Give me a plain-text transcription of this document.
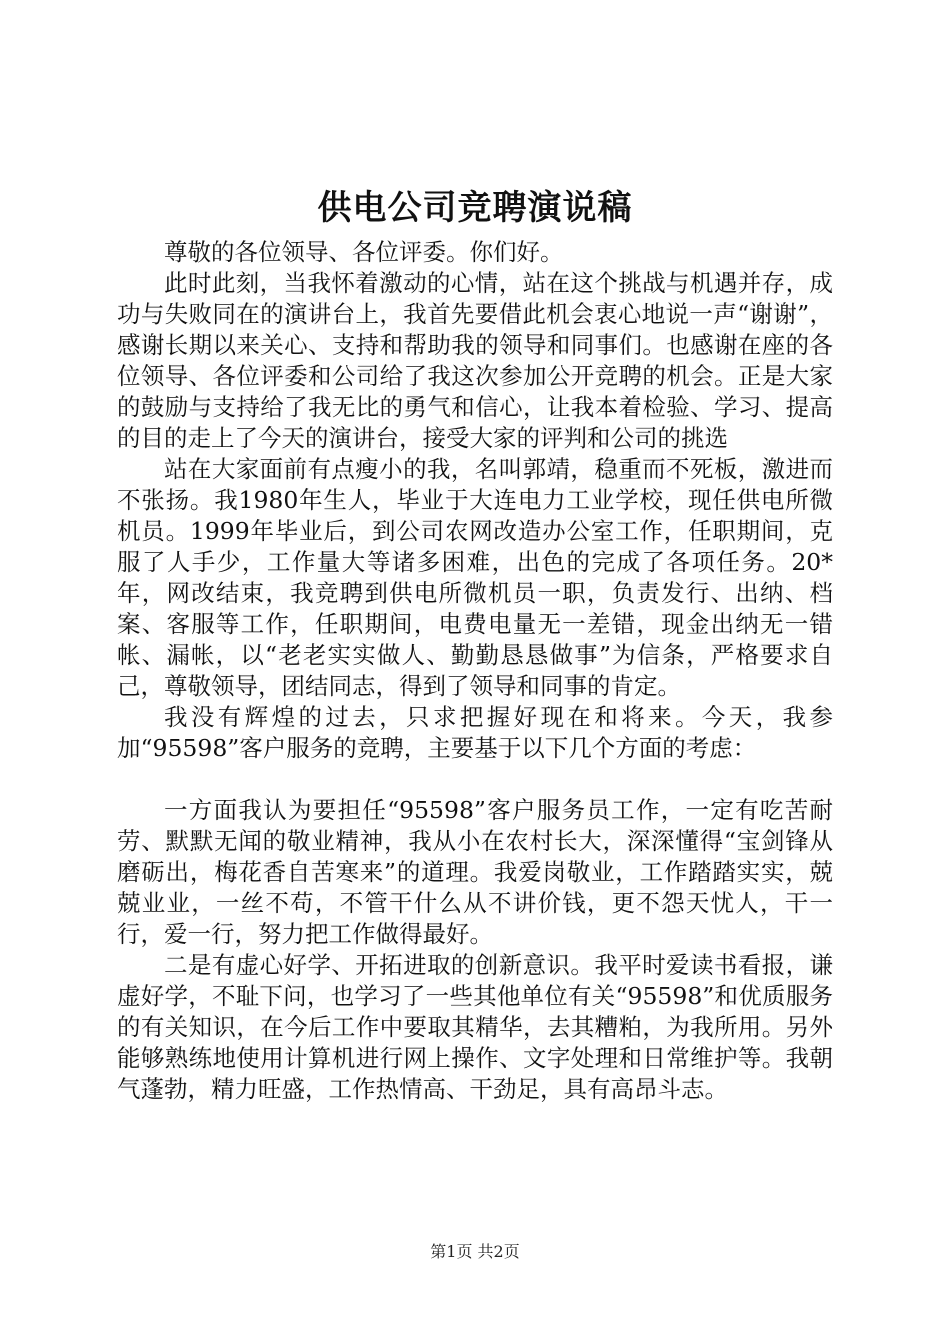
供电公司竞聘演说稿

尊敬的各位领导、各位评委。你们好。

此时此刻，当我怀着激动的心情，站在这个挑战与机遇并存，成功与失败同在的演讲台上，我首先要借此机会衷心地说一声“谢谢”，感谢长期以来关心、支持和帮助我的领导和同事们。也感谢在座的各位领导、各位评委和公司给了我这次参加公开竞聘的机会。正是大家的鼓励与支持给了我无比的勇气和信心，让我本着检验、学习、提高的目的走上了今天的演讲台，接受大家的评判和公司的挑选

站在大家面前有点瘦小的我，名叫郭靖，稳重而不死板，激进而不张扬。我1980年生人，毕业于大连电力工业学校，现任供电所微机员。1999年毕业后，到公司农网改造办公室工作，任职期间，克服了人手少，工作量大等诸多困难，出色的完成了各项任务。20*年，网改结束，我竞聘到供电所微机员一职，负责发行、出纳、档案、客服等工作，任职期间，电费电量无一差错，现金出纳无一错帐、漏帐，以“老老实实做人、勤勤恳恳做事”为信条，严格要求自己，尊敬领导，团结同志，得到了领导和同事的肯定。

我没有辉煌的过去，只求把握好现在和将来。今天，我参加“95598”客户服务的竞聘，主要基于以下几个方面的考虑：

一方面我认为要担任“95598”客户服务员工作，一定有吃苦耐劳、默默无闻的敬业精神，我从小在农村长大，深深懂得“宝剑锋从磨砺出，梅花香自苦寒来”的道理。我爱岗敬业，工作踏踏实实，兢兢业业，一丝不苟，不管干什么从不讲价钱，更不怨天忧人，干一行，爱一行，努力把工作做得最好。

二是有虚心好学、开拓进取的创新意识。我平时爱读书看报，谦虚好学，不耻下问，也学习了一些其他单位有关“95598”和优质服务的有关知识，在今后工作中要取其精华，去其糟粕，为我所用。另外能够熟练地使用计算机进行网上操作、文字处理和日常维护等。我朝气蓬勃，精力旺盛，工作热情高、干劲足，具有高昂斗志。

第1页 共2页
